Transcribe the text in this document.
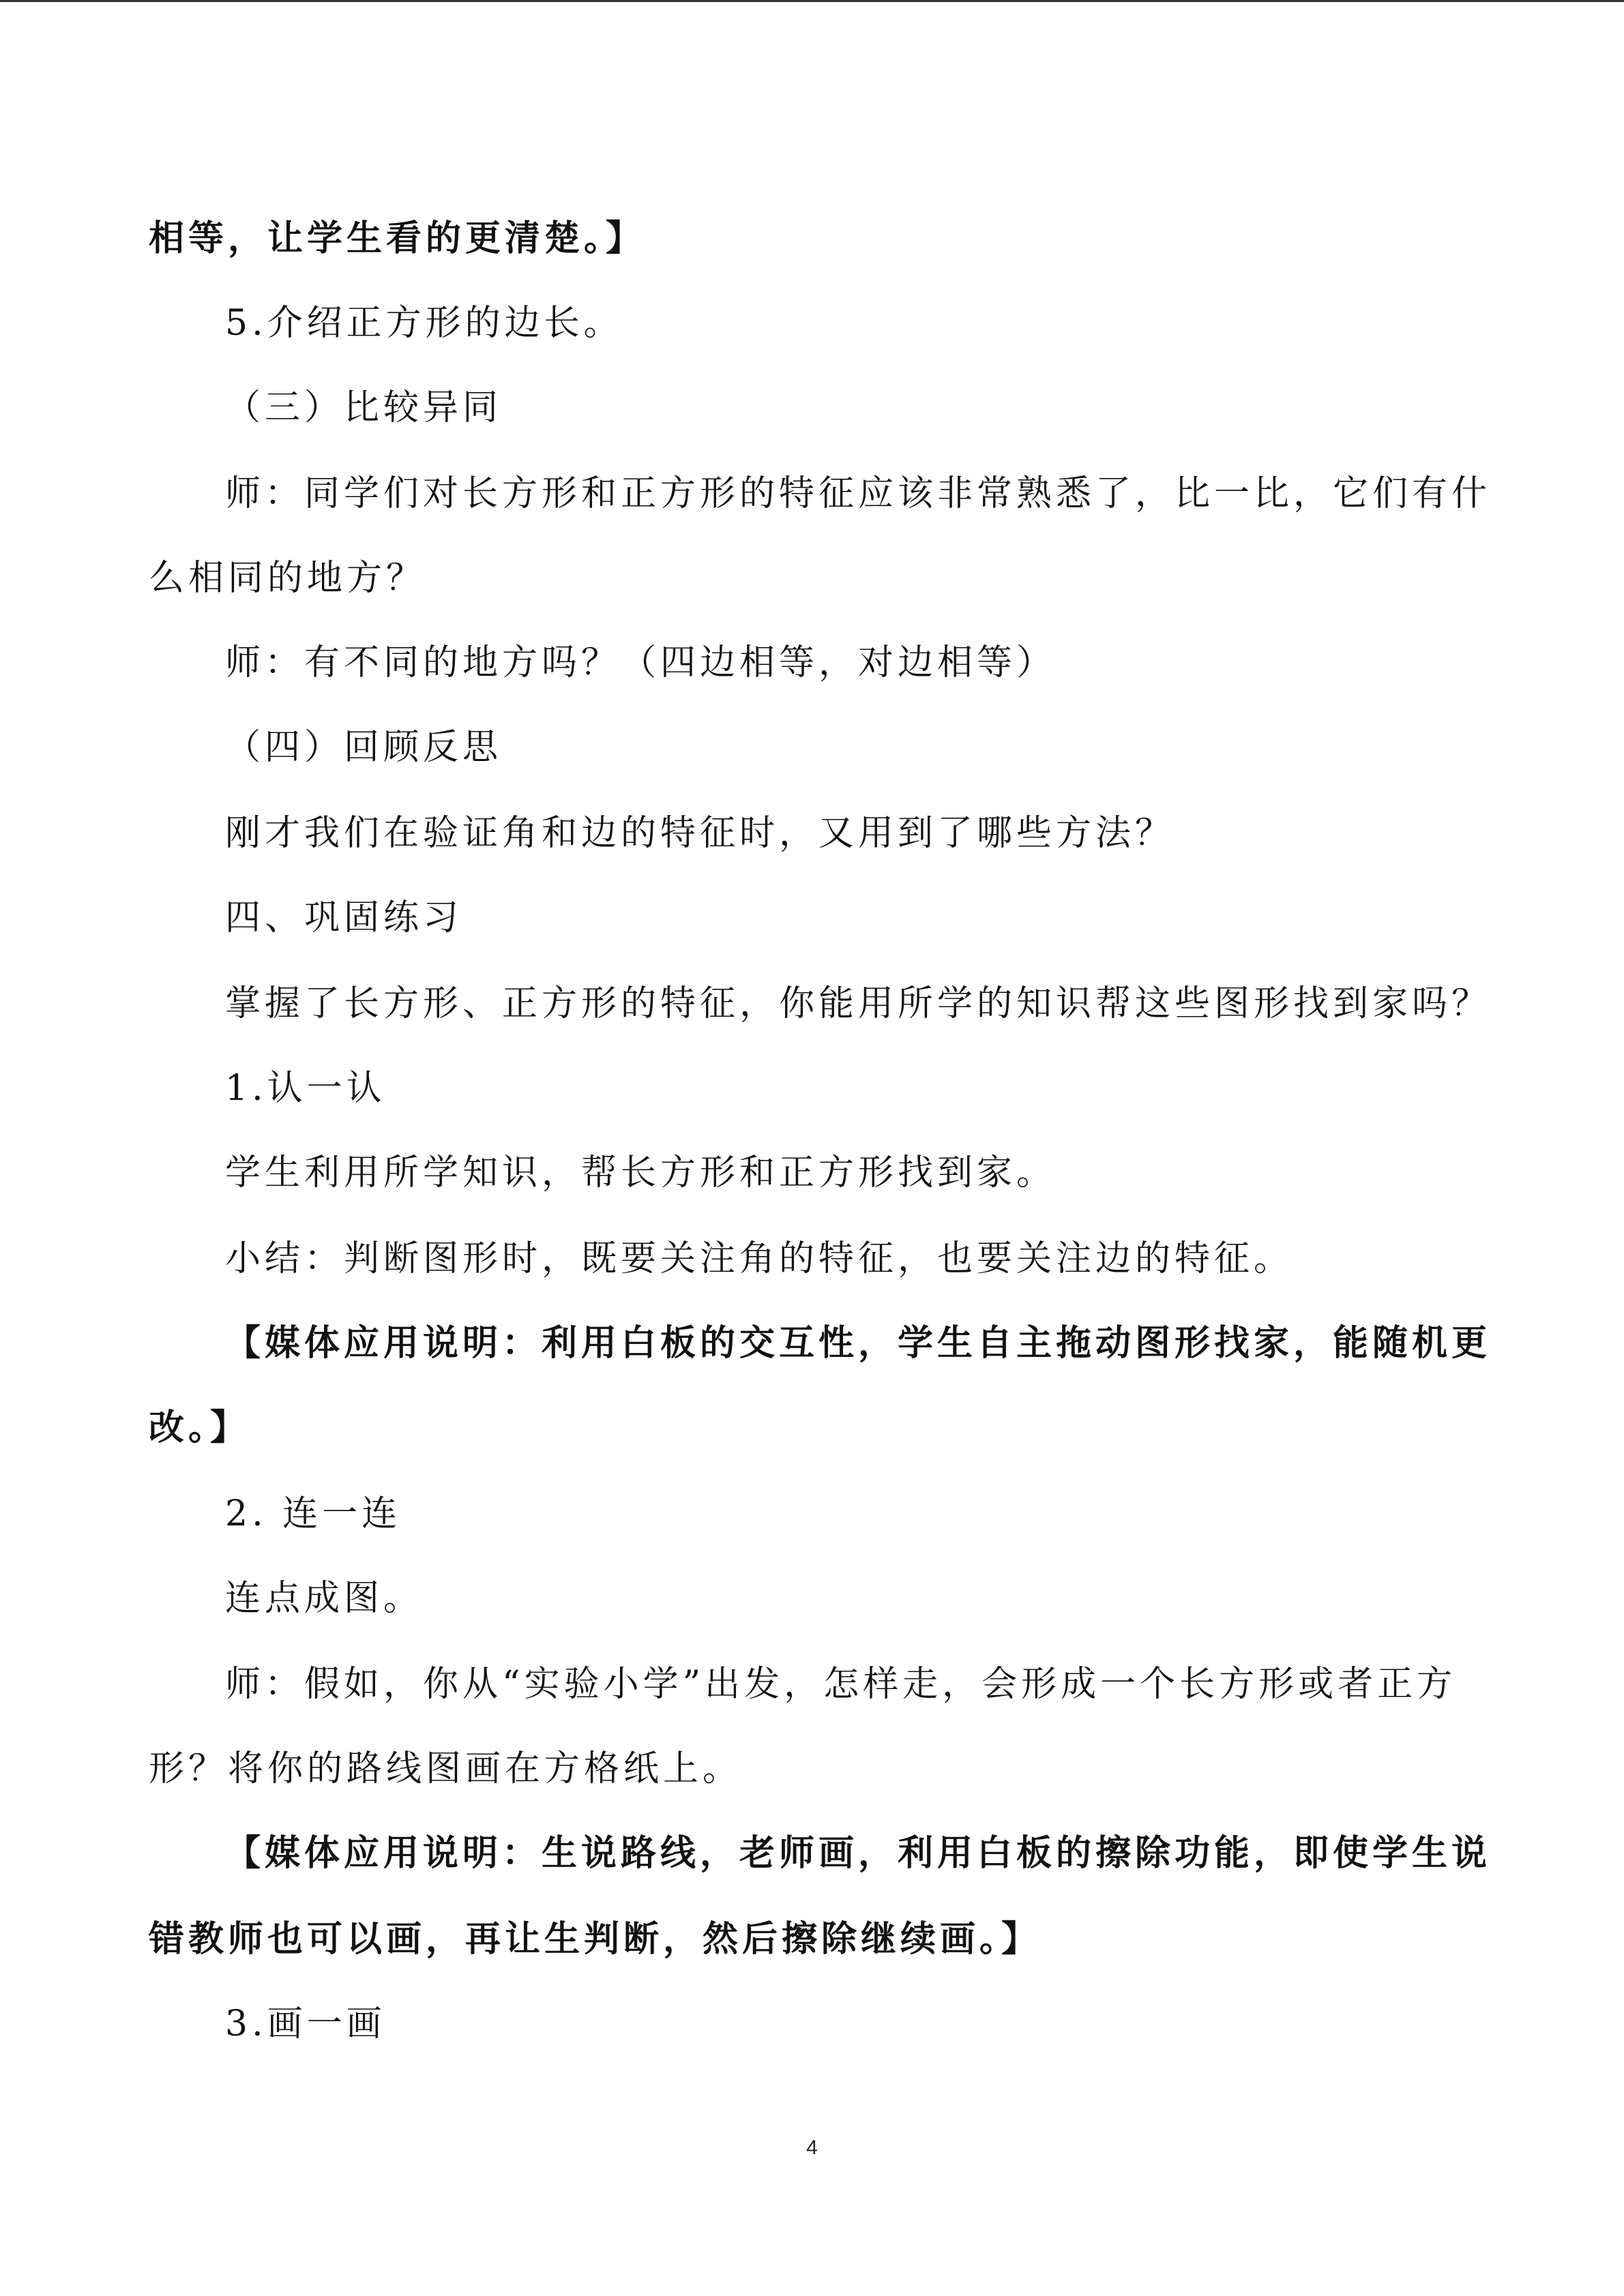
相等，让学生看的更清楚。】
5.介绍正方形的边长。
（三）比较异同
师：同学们对长方形和正方形的特征应该非常熟悉了，比一比，它们有什
么相同的地方？
师：有不同的地方吗？（四边相等，对边相等）
（四）回顾反思
刚才我们在验证角和边的特征时，又用到了哪些方法？
四、巩固练习
掌握了长方形、正方形的特征，你能用所学的知识帮这些图形找到家吗？
1.认一认
学生利用所学知识，帮长方形和正方形找到家。
小结：判断图形时，既要关注角的特征，也要关注边的特征。
【媒体应用说明：利用白板的交互性，学生自主拖动图形找家，能随机更
改。】
2. 连一连
连点成图。
师：假如，你从“实验小学”出发，怎样走，会形成一个长方形或者正方
形？将你的路线图画在方格纸上。
【媒体应用说明：生说路线，老师画，利用白板的擦除功能，即使学生说
错教师也可以画，再让生判断，然后擦除继续画。】
3.画一画
4
